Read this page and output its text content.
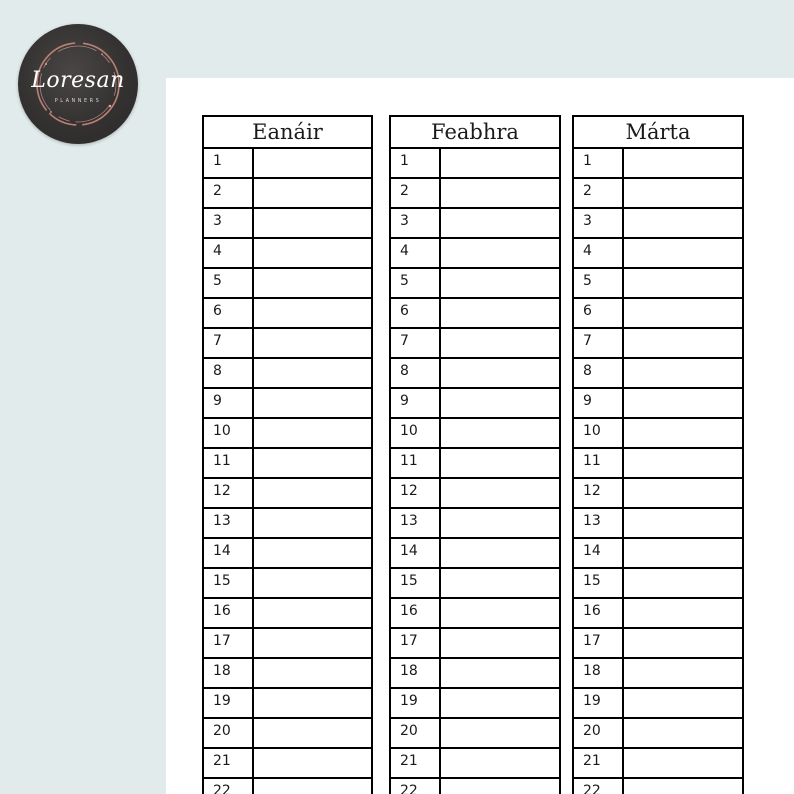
Loresan
PLANNERS
Eanáir
1
2
3
4
5
6
7
8
9
10
11
12
13
14
15
16
17
18
19
20
21
22
Feabhra
1
2
3
4
5
6
7
8
9
10
11
12
13
14
15
16
17
18
19
20
21
22
Márta
1
2
3
4
5
6
7
8
9
10
11
12
13
14
15
16
17
18
19
20
21
22
